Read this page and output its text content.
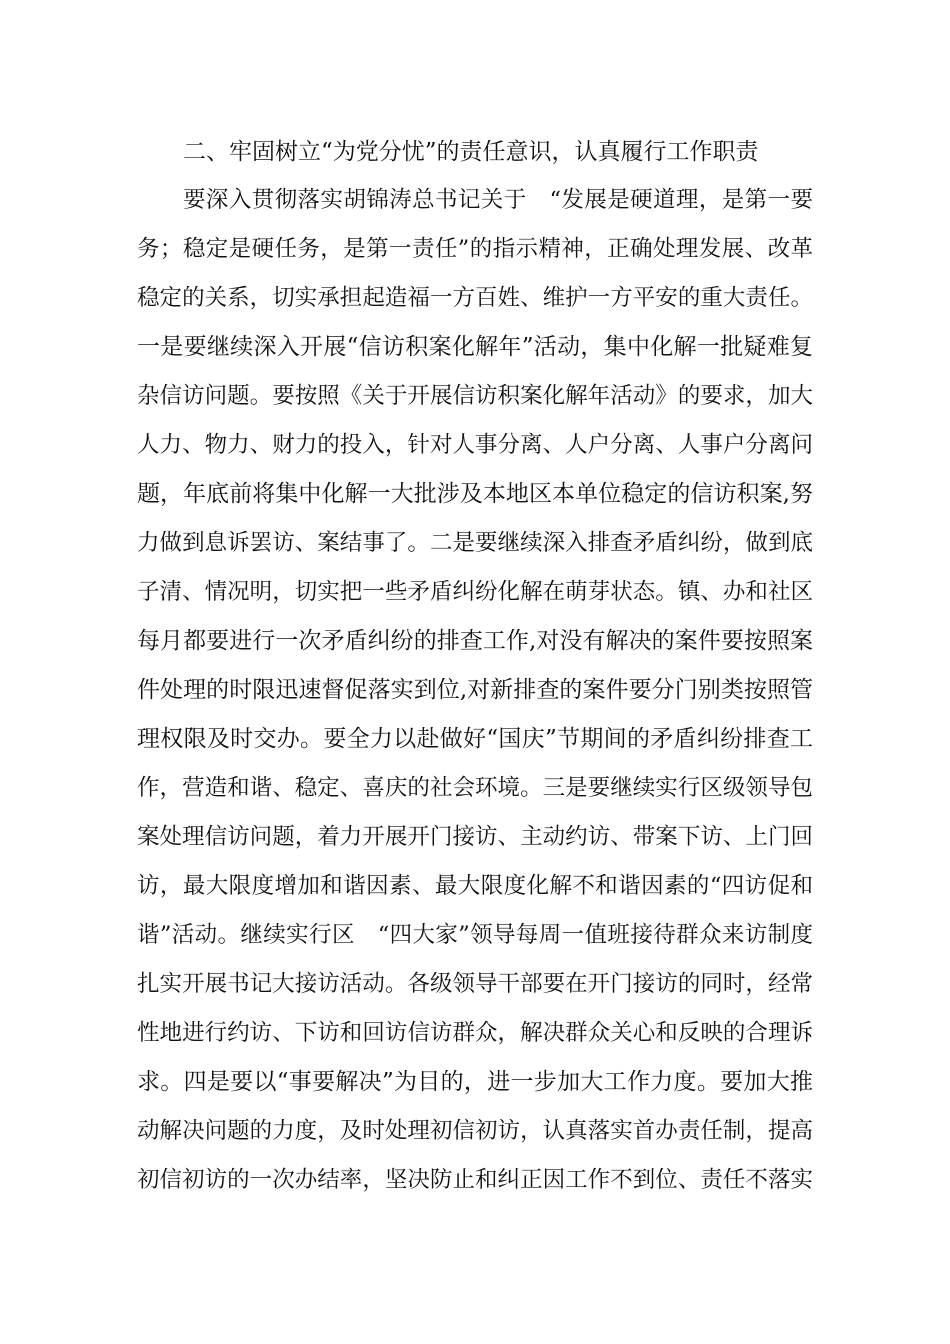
二、牢固树立“为党分忧”的责任意识，认真履行工作职责
要深入贯彻落实胡锦涛总书记关于　“发展是硬道理，是第一要
务；稳定是硬任务，是第一责任”的指示精神，正确处理发展、改革
稳定的关系，切实承担起造福一方百姓、维护一方平安的重大责任。
一是要继续深入开展“信访积案化解年”活动，集中化解一批疑难复
杂信访问题。要按照《关于开展信访积案化解年活动》的要求，加大
人力、物力、财力的投入，针对人事分离、人户分离、人事户分离问
题，年底前将集中化解一大批涉及本地区本单位稳定的信访积案,努
力做到息诉罢访、案结事了。二是要继续深入排查矛盾纠纷，做到底
子清、情况明，切实把一些矛盾纠纷化解在萌芽状态。镇、办和社区
每月都要进行一次矛盾纠纷的排查工作,对没有解决的案件要按照案
件处理的时限迅速督促落实到位,对新排查的案件要分门别类按照管
理权限及时交办。要全力以赴做好“国庆”节期间的矛盾纠纷排查工
作，营造和谐、稳定、喜庆的社会环境。三是要继续实行区级领导包
案处理信访问题，着力开展开门接访、主动约访、带案下访、上门回
访，最大限度增加和谐因素、最大限度化解不和谐因素的“四访促和
谐”活动。继续实行区　“四大家”领导每周一值班接待群众来访制度
扎实开展书记大接访活动。各级领导干部要在开门接访的同时，经常
性地进行约访、下访和回访信访群众，解决群众关心和反映的合理诉
求。四是要以“事要解决”为目的，进一步加大工作力度。要加大推
动解决问题的力度，及时处理初信初访，认真落实首办责任制，提高
初信初访的一次办结率，坚决防止和纠正因工作不到位、责任不落实
